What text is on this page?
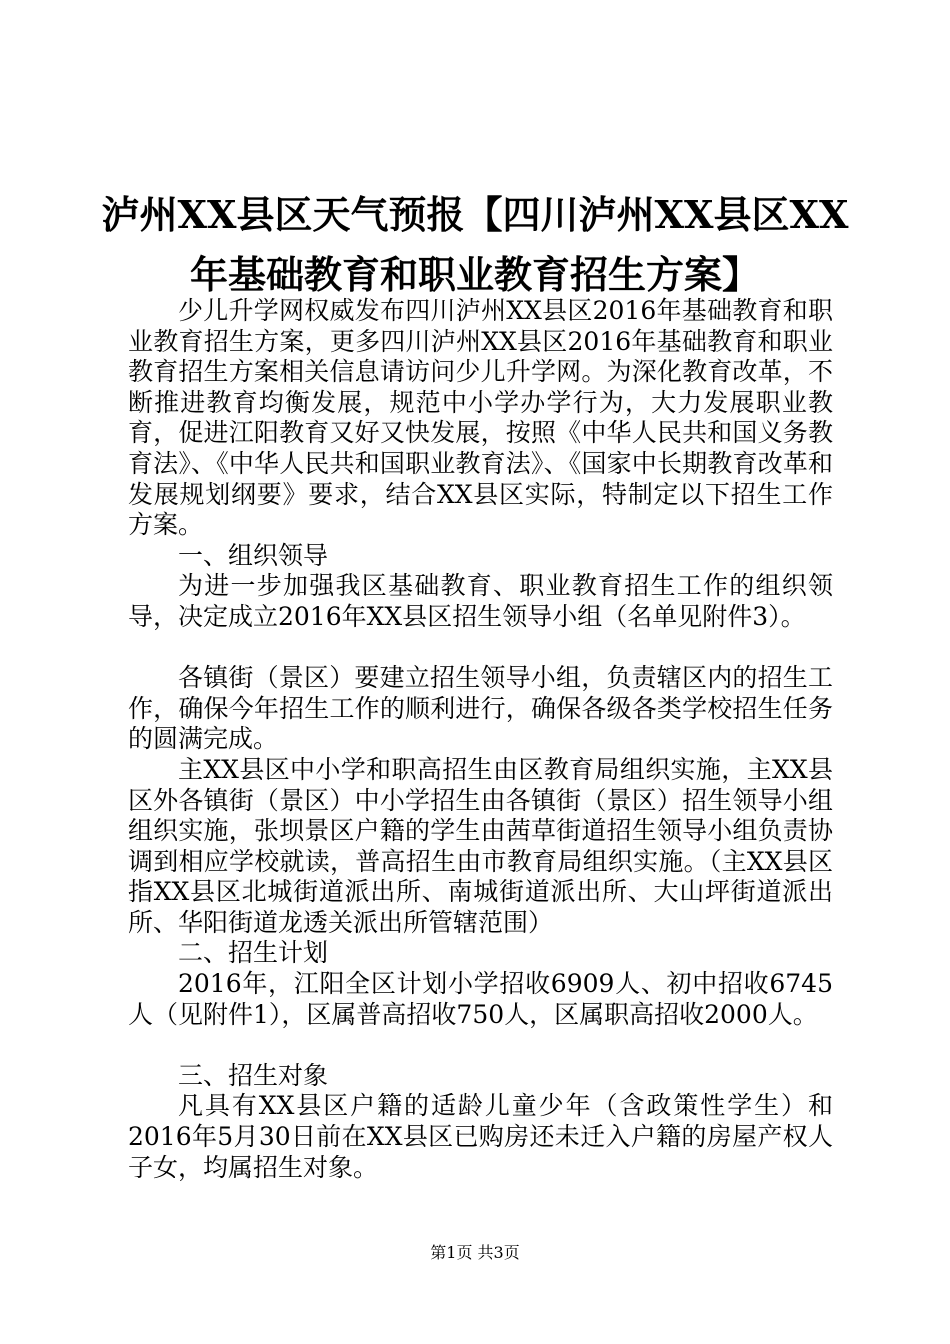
泸州XX县区天气预报【四川泸州XX县区XX年基础教育和职业教育招生方案】

少儿升学网权威发布四川泸州XX县区2016年基础教育和职业教育招生方案，更多四川泸州XX县区2016年基础教育和职业教育招生方案相关信息请访问少儿升学网。为深化教育改革，不断推进教育均衡发展，规范中小学办学行为，大力发展职业教育，促进江阳教育又好又快发展，按照《中华人民共和国义务教育法》、《中华人民共和国职业教育法》、《国家中长期教育改革和发展规划纲要》要求，结合XX县区实际，特制定以下招生工作方案。

一、组织领导

为进一步加强我区基础教育、职业教育招生工作的组织领导，决定成立2016年XX县区招生领导小组（名单见附件3）。

各镇街（景区）要建立招生领导小组，负责辖区内的招生工作，确保今年招生工作的顺利进行，确保各级各类学校招生任务的圆满完成。

主XX县区中小学和职高招生由区教育局组织实施，主XX县区外各镇街（景区）中小学招生由各镇街（景区）招生领导小组组织实施，张坝景区户籍的学生由茜草街道招生领导小组负责协调到相应学校就读，普高招生由市教育局组织实施。（主XX县区指XX县区北城街道派出所、南城街道派出所、大山坪街道派出所、华阳街道龙透关派出所管辖范围）

二、招生计划

2016年，江阳全区计划小学招收6909人、初中招收6745人（见附件1），区属普高招收750人，区属职高招收2000人。

三、招生对象

凡具有XX县区户籍的适龄儿童少年（含政策性学生）和2016年5月30日前在XX县区已购房还未迁入户籍的房屋产权人子女，均属招生对象。

第1页 共3页
